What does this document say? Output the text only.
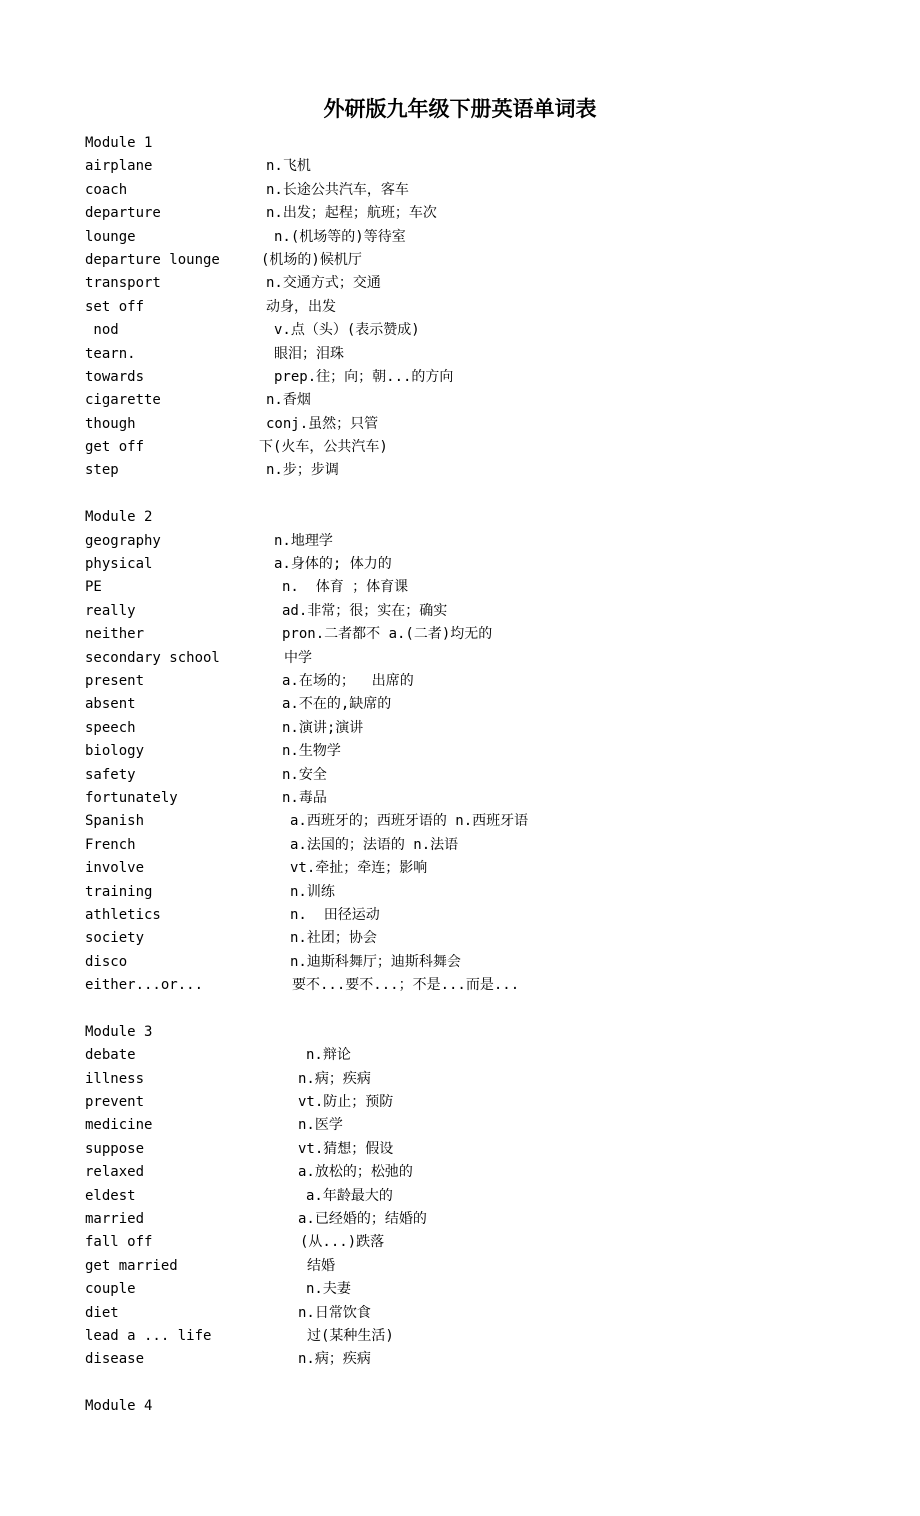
外研版九年级下册英语单词表
Module 1
airplane	n.飞机
coach	n.长途公共汽车，客车
departure	n.出发；起程；航班；车次
lounge	n.(机场等的)等待室
departure lounge	(机场的)候机厅
transport	n.交通方式；交通
set off	动身，出发
nod	v.点（头）(表示赞成)
tearn.	眼泪；泪珠
towards	prep.往；向；朝...的方向
cigarette	n.香烟
though	conj.虽然；只管
get off	下(火车，公共汽车)
step	n.步；步调
Module 2
geography	n.地理学
physical	a.身体的; 体力的
PE	n.  体育 ；体育课
really	ad.非常；很；实在；确实
neither	pron.二者都不 a.(二者)均无的
secondary school	中学
present	a.在场的；  出席的
absent	a.不在的,缺席的
speech	n.演讲;演讲
biology	n.生物学
safety	n.安全
fortunately	n.毒品
Spanish	a.西班牙的；西班牙语的 n.西班牙语
French	a.法国的；法语的 n.法语
involve	vt.牵扯；牵连；影响
training	n.训练
athletics	n.  田径运动
society	n.社团；协会
disco	n.迪斯科舞厅；迪斯科舞会
either...or...	要不...要不...；不是...而是...
Module 3
debate	n.辩论
illness	n.病；疾病
prevent	vt.防止；预防
medicine	n.医学
suppose	vt.猜想；假设
relaxed	a.放松的；松弛的
eldest	a.年龄最大的
married	a.已经婚的；结婚的
fall off	(从...)跌落
get married	结婚
couple	n.夫妻
diet	n.日常饮食
lead a ... life	过(某种生活)
disease	n.病；疾病
Module 4
